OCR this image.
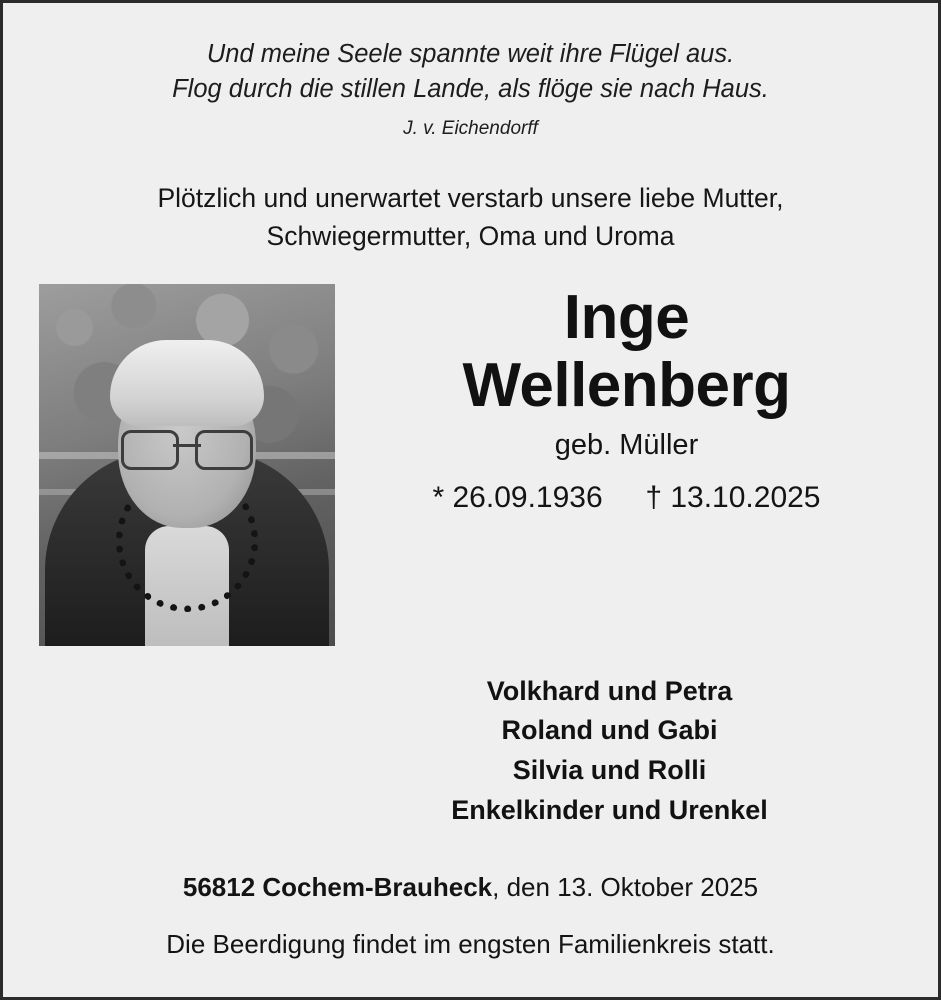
Und meine Seele spannte weit ihre Flügel aus.
Flog durch die stillen Lande, als flöge sie nach Haus.
J. v. Eichendorff
Plötzlich und unerwartet verstarb unsere liebe Mutter,
Schwiegermutter, Oma und Uroma
Inge
Wellenberg
geb. Müller
* 26.09.1936 † 13.10.2025
Volkhard und Petra
Roland und Gabi
Silvia und Rolli
Enkelkinder und Urenkel
56812 Cochem-Brauheck, den 13. Oktober 2025
Die Beerdigung findet im engsten Familienkreis statt.
